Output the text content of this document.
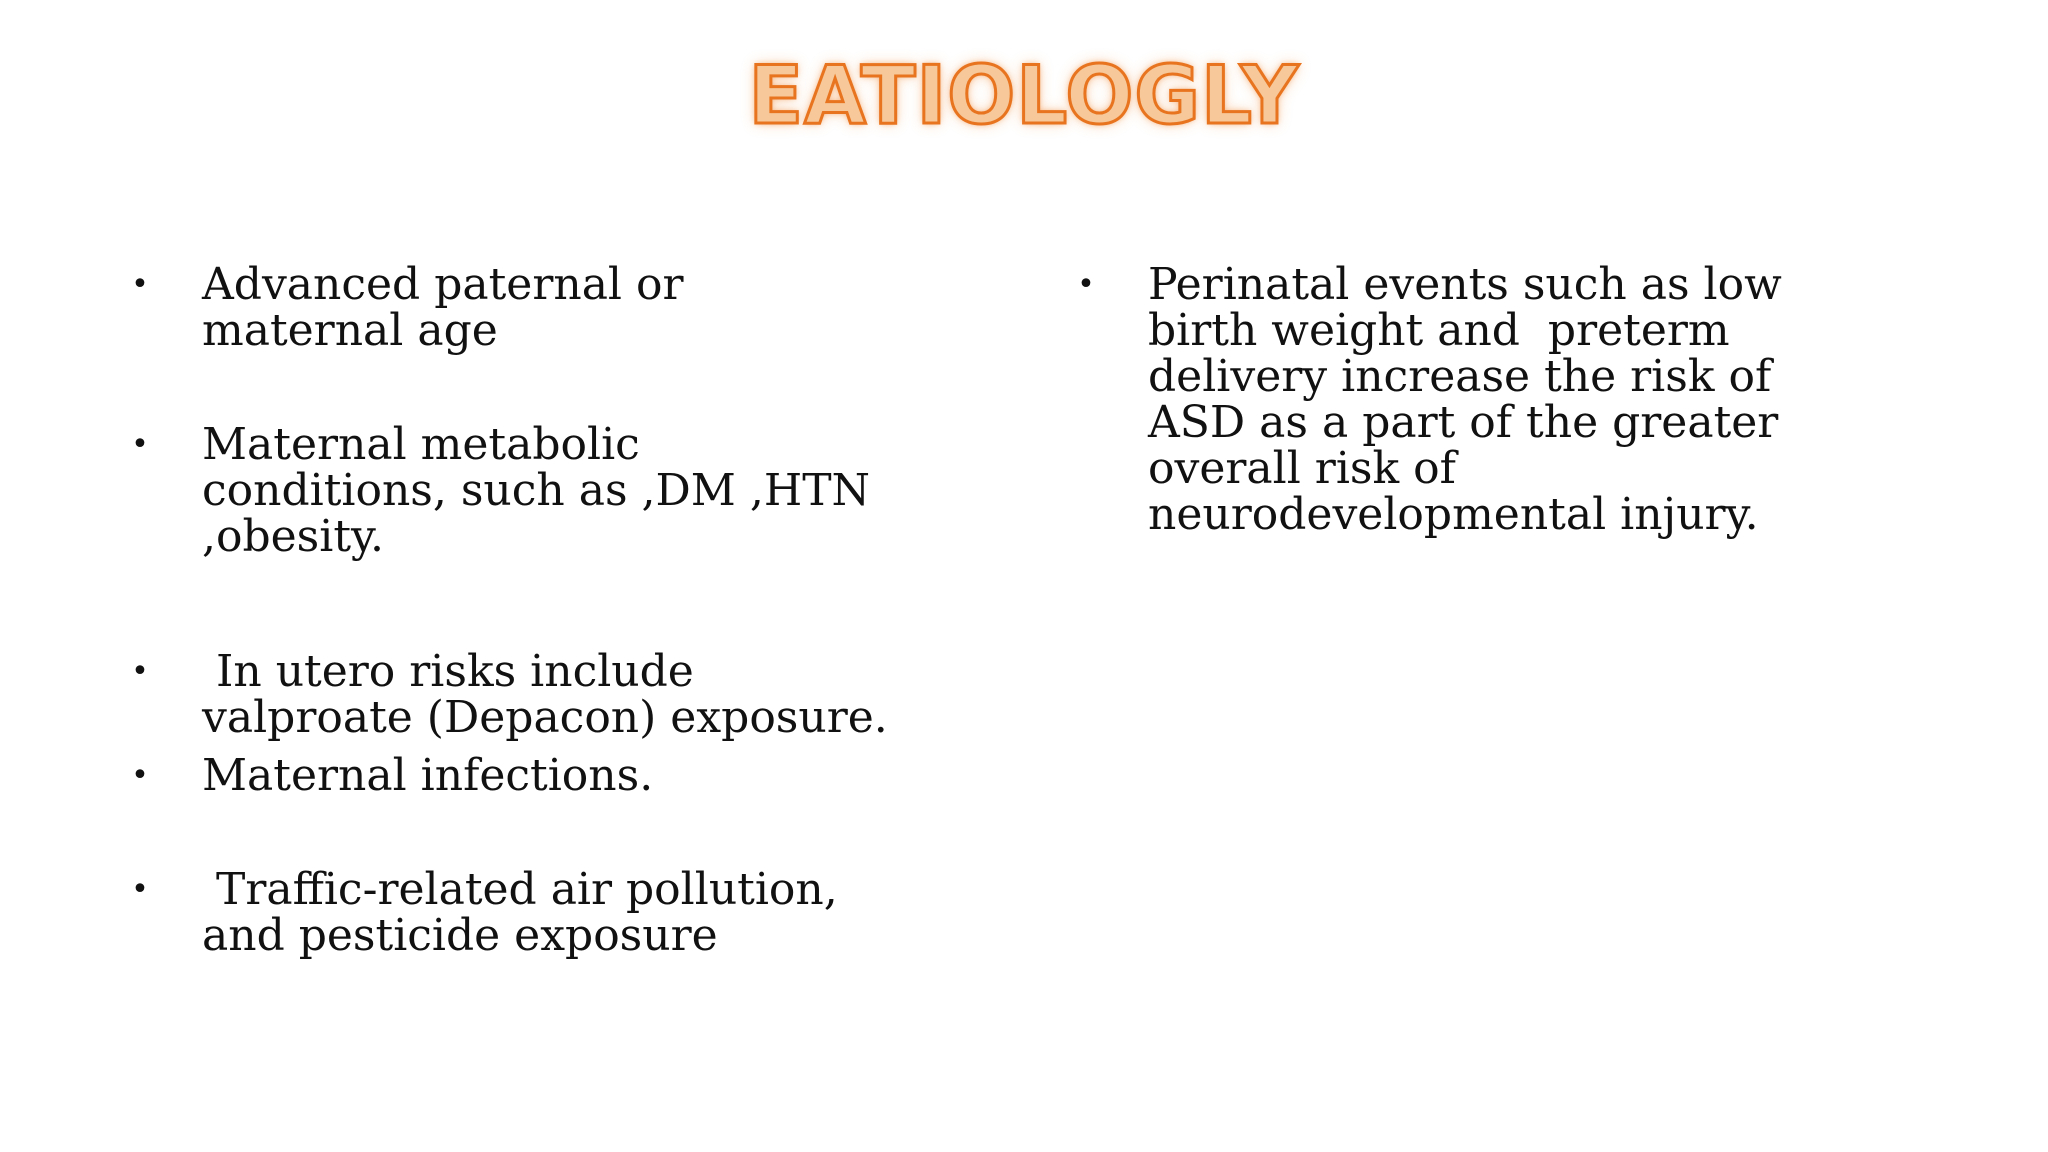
EATIOLOGLY
• Advanced paternal or
maternal age
• Maternal metabolic
conditions, such as ,DM ,HTN
,obesity.
• In utero risks include
valproate (Depacon) exposure.
• Maternal infections.
• Traffic-related air pollution,
and pesticide exposure
• Perinatal events such as low
birth weight and  preterm
delivery increase the risk of
ASD as a part of the greater
overall risk of
neurodevelopmental injury.
